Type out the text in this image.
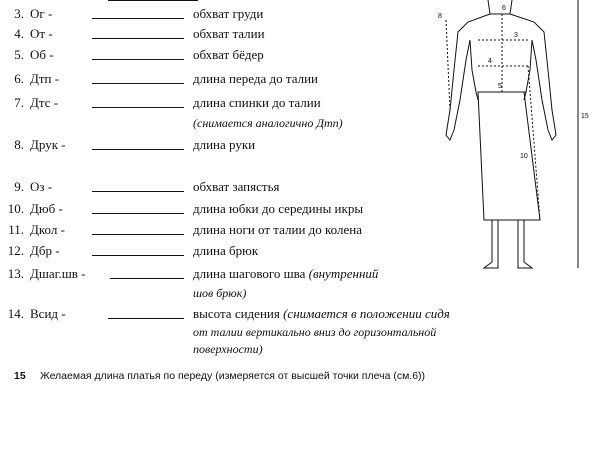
3. Ог -	обхват груди
4. От -	обхват талии
5. Об -	обхват бёдер
6. Дтп -	длина переда до талии
7. Дтс -	длина спинки до талии
(снимается аналогично Дтп)
8. Друк -	длина руки
9. Оз -	обхват запястья
10. Дюб -	длина юбки до середины икры
11. Дкол -	длина ноги от талии до колена
12. Дбр -	длина брюк
13. Дшаг.шв -	длина шагового шва (внутренний
шов брюк)
14. Всид -	высота сидения (снимается в положении сидя
от талии вертикально вниз до горизонтальной
поверхности)
15 Желаемая длина платья по переду (измеряется от высшей точки плеча (см.6))
6
5
4
3
15
10
8
